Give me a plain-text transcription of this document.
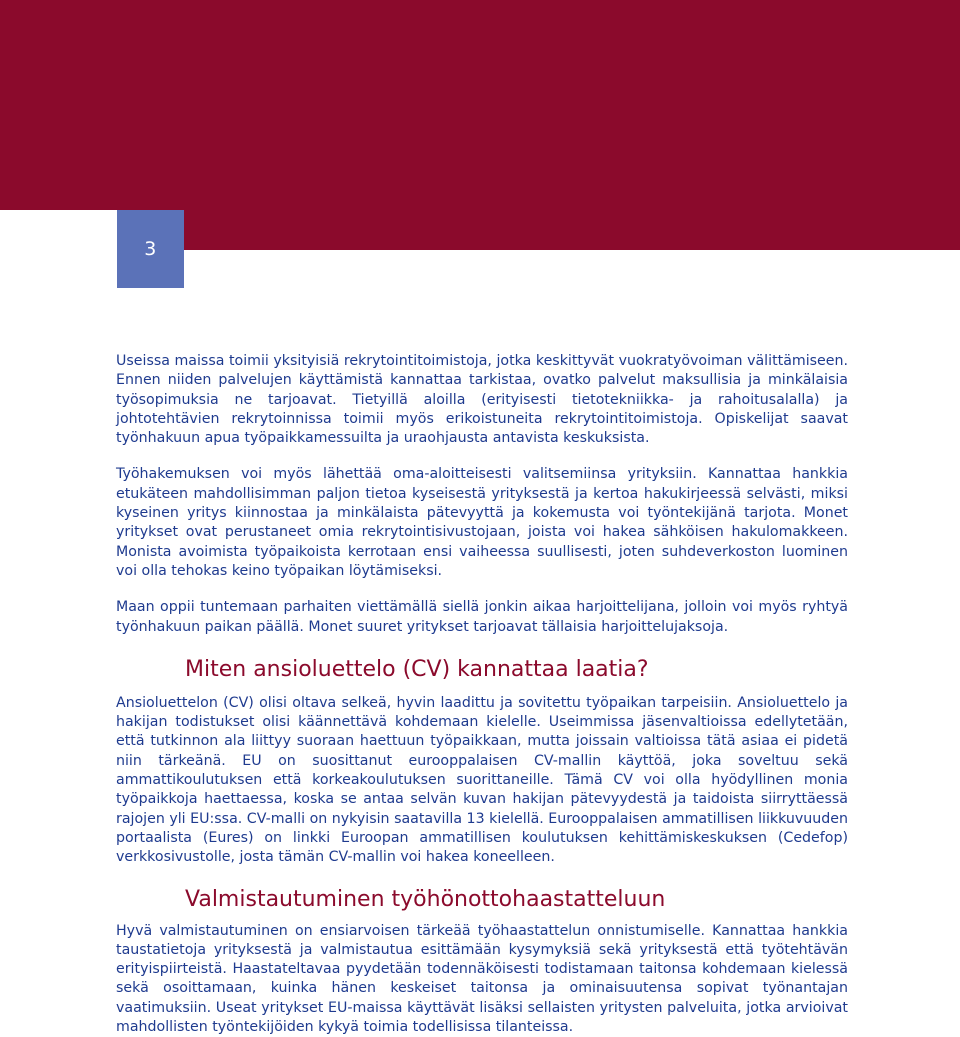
3

Useissa maissa toimii yksityisiä rekrytointitoimistoja, jotka keskittyvät vuokratyövoiman välittämiseen. Ennen niiden palvelujen käyttämistä kannattaa tarkistaa, ovatko palvelut maksullisia ja minkälaisia työsopimuksia ne tarjoavat. Tietyillä aloilla (erityisesti tietotekniikka- ja rahoitusalalla) ja johtotehtävien rekrytoinnissa toimii myös erikoistuneita rekrytointitoimistoja. Opiskelijat saavat työnhakuun apua työpaikkamessuilta ja uraohjausta antavista keskuksista.

Työhakemuksen voi myös lähettää oma-aloitteisesti valitsemiinsa yrityksiin. Kannattaa hankkia etukäteen mahdollisimman paljon tietoa kyseisestä yrityksestä ja kertoa hakukirjeessä selvästi, miksi kyseinen yritys kiinnostaa ja minkälaista pätevyyttä ja kokemusta voi työntekijänä tarjota. Monet yritykset ovat perustaneet omia rekrytointisivustojaan, joista voi hakea sähköisen hakulomakkeen. Monista avoimista työpaikoista kerrotaan ensi vaiheessa suullisesti, joten suhdeverkoston luominen voi olla tehokas keino työpaikan löytämiseksi.

Maan oppii tuntemaan parhaiten viettämällä siellä jonkin aikaa harjoittelijana, jolloin voi myös ryhtyä työnhakuun paikan päällä. Monet suuret yritykset tarjoavat tällaisia harjoittelujaksoja.

Miten ansioluettelo (CV) kannattaa laatia?

Ansioluettelon (CV) olisi oltava selkeä, hyvin laadittu ja sovitettu työpaikan tarpeisiin. Ansioluettelo ja hakijan todistukset olisi käännettävä kohdemaan kielelle. Useimmissa jäsenvaltioissa edellytetään, että tutkinnon ala liittyy suoraan haettuun työpaikkaan, mutta joissain valtioissa tätä asiaa ei pidetä niin tärkeänä. EU on suosittanut eurooppalaisen CV-mallin käyttöä, joka soveltuu sekä ammattikoulutuksen että korkeakoulutuksen suorittaneille. Tämä CV voi olla hyödyllinen monia työpaikkoja haettaessa, koska se antaa selvän kuvan hakijan pätevyydestä ja taidoista siirryttäessä rajojen yli EU:ssa. CV-malli on nykyisin saatavilla 13 kielellä. Eurooppalaisen ammatillisen liikkuvuuden portaalista (Eures) on linkki Euroopan ammatillisen koulutuksen kehittämiskeskuksen (Cedefop) verkkosivustolle, josta tämän CV-mallin voi hakea koneelleen.

Valmistautuminen työhönottohaastatteluun

Hyvä valmistautuminen on ensiarvoisen tärkeää työhaastattelun onnistumiselle. Kannattaa hankkia taustatietoja yrityksestä ja valmistautua esittämään kysymyksiä sekä yrityksestä että työtehtävän erityispiirteistä. Haastateltavaa pyydetään todennäköisesti todistamaan taitonsa kohdemaan kielessä sekä osoittamaan, kuinka hänen keskeiset taitonsa ja ominaisuutensa sopivat työnantajan vaatimuksiin. Useat yritykset EU-maissa käyttävät lisäksi sellaisten yritysten palveluita, jotka arvioivat mahdollisten työntekijöiden kykyä toimia todellisissa tilanteissa.
